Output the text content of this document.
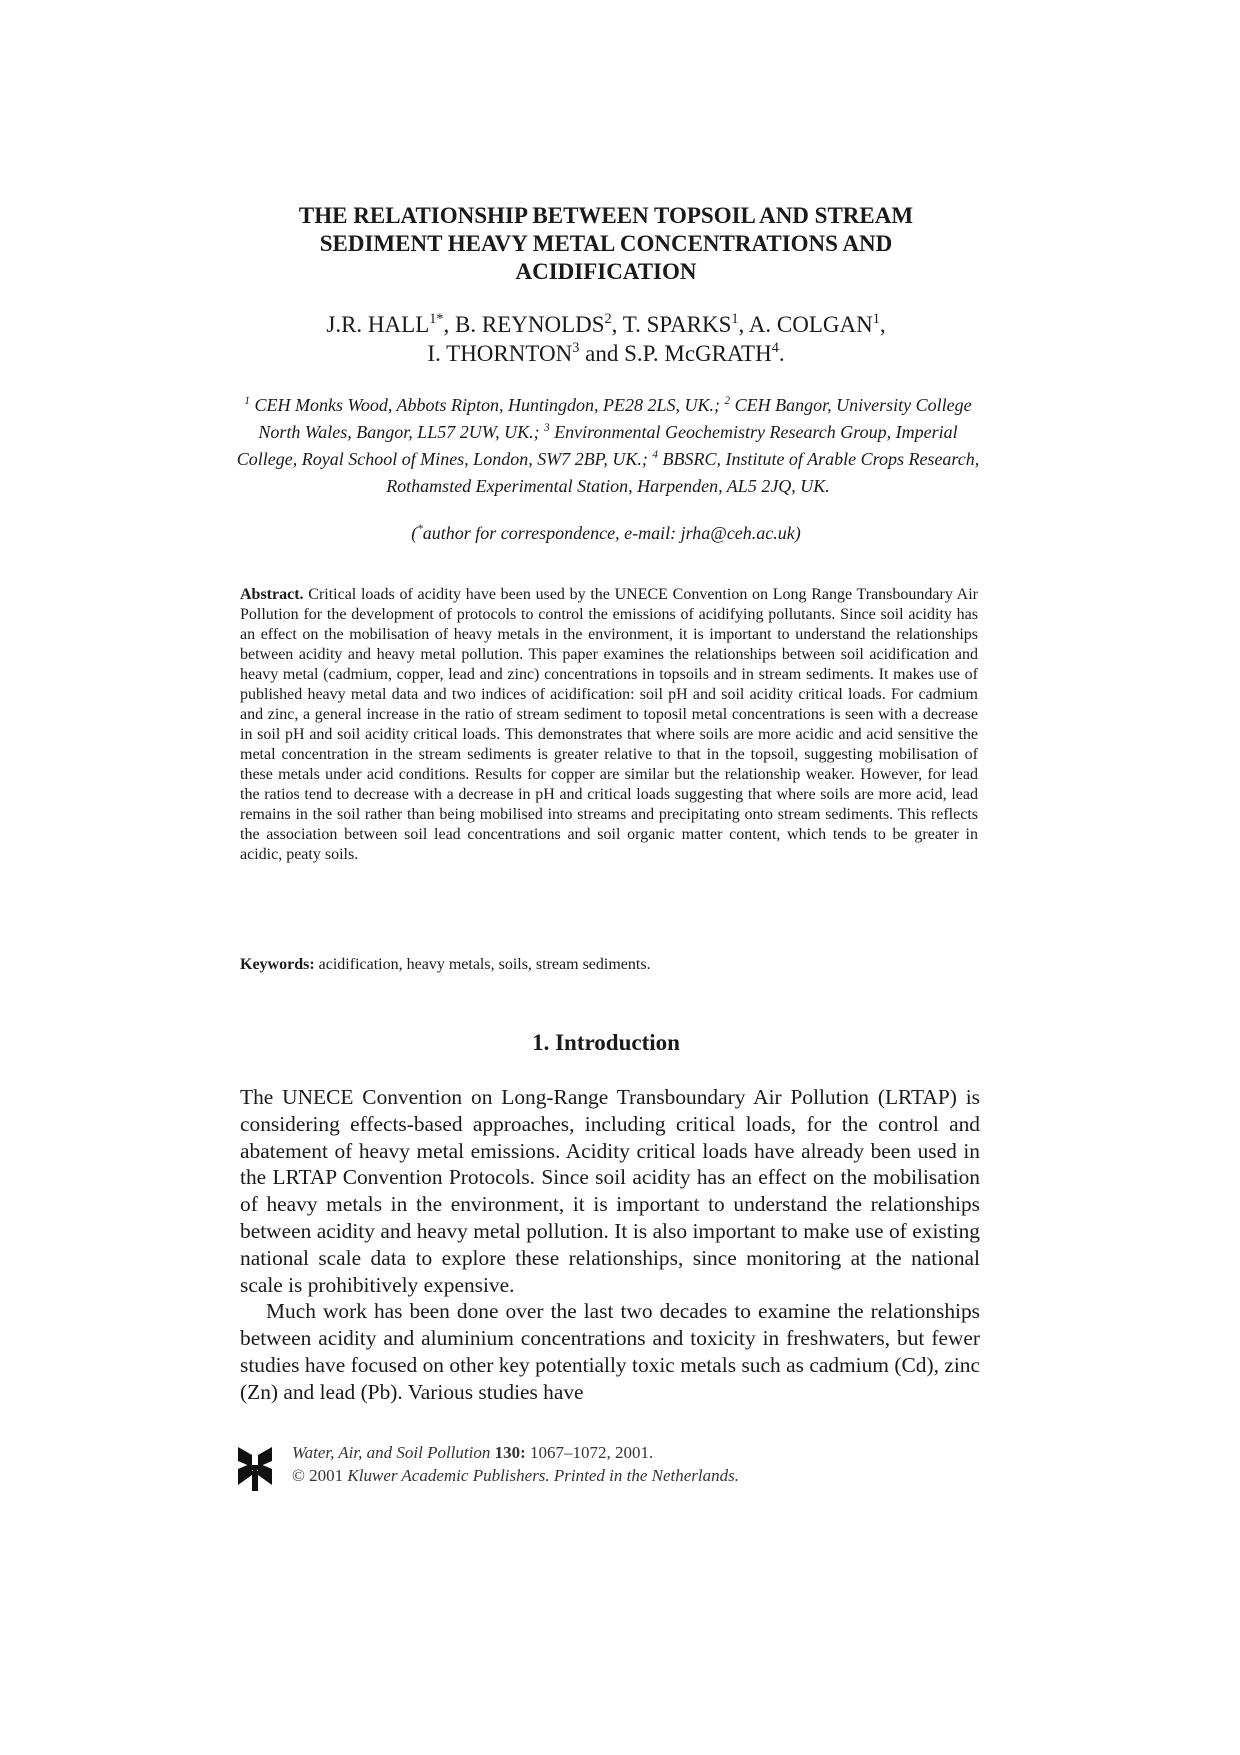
THE RELATIONSHIP BETWEEN TOPSOIL AND STREAM
SEDIMENT HEAVY METAL CONCENTRATIONS AND
ACIDIFICATION
J.R. $HALL^{1*}$, B. REYNOLDS$^2$, T. SPARKS$^1$, A. COLGAN$^1$,
I. THORNTON$^3$ and S.P. McGRATH$^4$.
$^1$ CEH Monks Wood, Abbots Ripton, Huntingdon, PE28 2LS, UK.; $^2$ CEH Bangor, University College North Wales, Bangor, LL57 2UW, UK.; $^3$ Environmental Geochemistry Research Group, Imperial College, Royal School of Mines, London, SW7 2BP, UK.; $^4$ BBSRC, Institute of Arable Crops Research, Rothamsted Experimental Station, Harpenden, AL5 2JQ, UK.
(*author for correspondence, e-mail: jrha@ceh.ac.uk)

Abstract. Critical loads of acidity have been used by the UNECE Convention on Long Range Transboundary Air Pollution for the development of protocols to control the emissions of acidifying pollutants. Since soil acidity has an effect on the mobilisation of heavy metals in the environment, it is important to understand the relationships between acidity and heavy metal pollution. This paper examines the relationships between soil acidification and heavy metal (cadmium, copper, lead and zinc) concentrations in topsoils and in stream sediments. It makes use of published heavy metal data and two indices of acidification: soil pH and soil acidity critical loads. For cadmium and zinc, a general increase in the ratio of stream sediment to toposil metal concentrations is seen with a decrease in soil pH and soil acidity critical loads. This demonstrates that where soils are more acidic and acid sensitive the metal concentration in the stream sediments is greater relative to that in the topsoil, suggesting mobilisation of these metals under acid conditions. Results for copper are similar but the relationship weaker. However, for lead the ratios tend to decrease with a decrease in pH and critical loads suggesting that where soils are more acid, lead remains in the soil rather than being mobilised into streams and precipitating onto stream sediments. This reflects the association between soil lead concentrations and soil organic matter content, which tends to be greater in acidic, peaty soils.

Keywords: acidification, heavy metals, soils, stream sediments.

1. Introduction

The UNECE Convention on Long-Range Transboundary Air Pollution (LRTAP) is considering effects-based approaches, including critical loads, for the control and abatement of heavy metal emissions. Acidity critical loads have already been used in the LRTAP Convention Protocols. Since soil acidity has an effect on the mobilisation of heavy metals in the environment, it is important to understand the relationships between acidity and heavy metal pollution. It is also important to make use of existing national scale data to explore these relationships, since monitoring at the national scale is prohibitively expensive.

Much work has been done over the last two decades to examine the relationships between acidity and aluminium concentrations and toxicity in freshwaters, but fewer studies have focused on other key potentially toxic metals such as cadmium (Cd), zinc (Zn) and lead (Pb). Various studies have

Water, Air, and Soil Pollution 130: 1067–1072, 2001.
© 2001 Kluwer Academic Publishers. Printed in the Netherlands.
